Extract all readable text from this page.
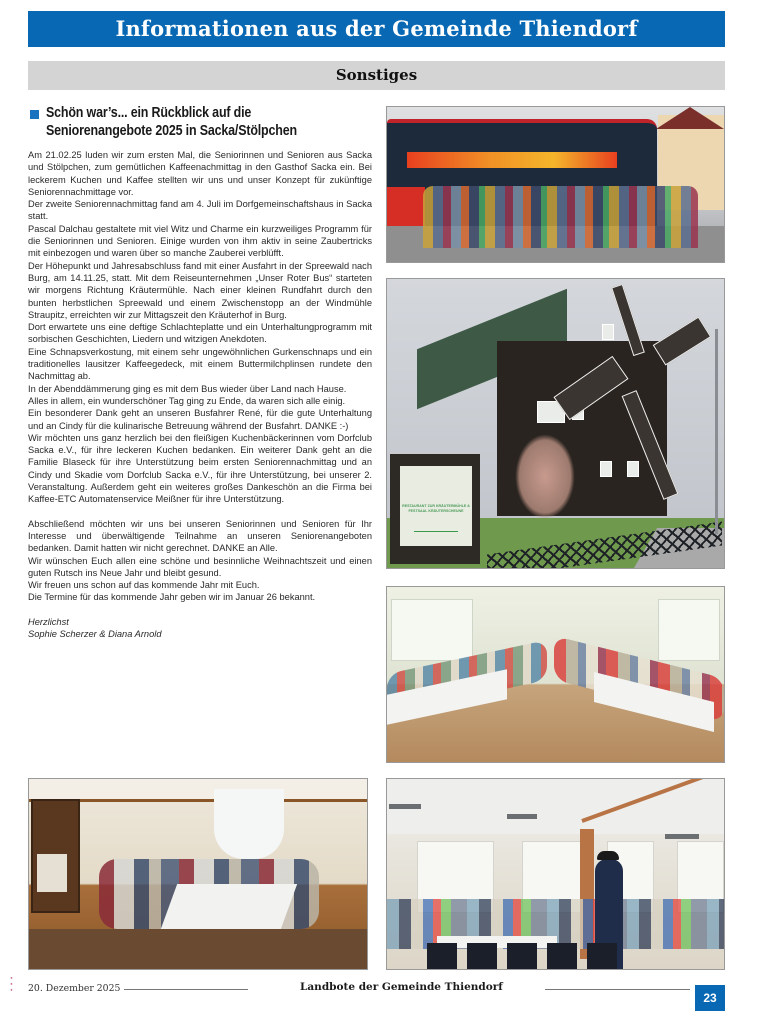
Informationen aus der Gemeinde Thiendorf
Sonstiges
Schön war’s... ein Rückblick auf die Seniorenangebote 2025 in Sacka/Stölpchen

Am 21.02.25 luden wir zum ersten Mal, die Seniorinnen und Senioren aus Sacka und Stölpchen, zum gemütlichen Kaffeenachmittag in den Gasthof Sacka ein. Bei leckerem Kuchen und Kaffee stellten wir uns und unser Konzept für zukünftige Seniorennachmittage vor.

Der zweite Seniorennachmittag fand am 4. Juli im Dorfgemeinschaftshaus in Sacka statt.

Pascal Dalchau gestaltete mit viel Witz und Charme ein kurzweiliges Programm für die Seniorinnen und Senioren. Einige wurden von ihm aktiv in seine Zaubertricks mit einbezogen und waren über so manche Zauberei verblüfft.

Der Höhepunkt und Jahresabschluss fand mit einer Ausfahrt in der Spreewald nach Burg, am 14.11.25, statt. Mit dem Reiseunternehmen „Unser Roter Bus“ starteten wir morgens Richtung Kräutermühle. Nach einer kleinen Rundfahrt durch den bunten herbstlichen Spreewald und einem Zwischenstopp an der Windmühle Straupitz, erreichten wir zur Mittagszeit den Kräuterhof in Burg.

Dort erwartete uns eine deftige Schlachteplatte und ein Unterhaltungprogramm mit sorbischen Geschichten, Liedern und witzigen Anekdoten.

Eine Schnapsverkostung, mit einem sehr ungewöhnlichen Gurkenschnaps und ein traditionelles lausitzer Kaffeegedeck, mit einem Buttermilchplinsen rundete den Nachmittag ab.

In der Abenddämmerung ging es mit dem Bus wieder über Land nach Hause.

Alles in allem, ein wunderschöner Tag ging zu Ende, da waren sich alle einig.

Ein besonderer Dank geht an unseren Busfahrer René, für die gute Unterhaltung und an Cindy für die kulinarische Betreuung während der Busfahrt. DANKE :-)

Wir möchten uns ganz herzlich bei den fleißigen Kuchenbäckerinnen vom Dorfclub Sacka e.V., für ihre leckeren Kuchen bedanken. Ein weiterer Dank geht an die Familie Blaseck für ihre Unterstützung beim ersten Seniorennachmittag und an Cindy und Skadie vom Dorfclub Sacka e.V., für ihre Unterstützung, bei unserer 2. Veranstaltung. Außerdem geht ein weiteres großes Dankeschön an die Firma bei Kaffee-ETC Automatenservice Meißner für ihre Unterstützung.

Abschließend möchten wir uns bei unseren Seniorinnen und Senioren für Ihr Interesse und überwältigende Teilnahme an unseren Seniorenangeboten bedanken. Damit hatten wir nicht gerechnet. DANKE an Alle.

Wir wünschen Euch allen eine schöne und besinnliche Weihnachtszeit und einen guten Rutsch ins Neue Jahr und bleibt gesund.

Wir freuen uns schon auf das kommende Jahr mit Euch.

Die Termine für das kommende Jahr geben wir im Januar 26 bekannt.

Herzlichst
Sophie Scherzer & Diana Arnold
RESTAURANT ZUR KRÄUTERMÜHLE & FESTSAAL KRÄUTERSCHEUNE
●
●
● 20. Dezember 2025	Landbote der Gemeinde Thiendorf
23
